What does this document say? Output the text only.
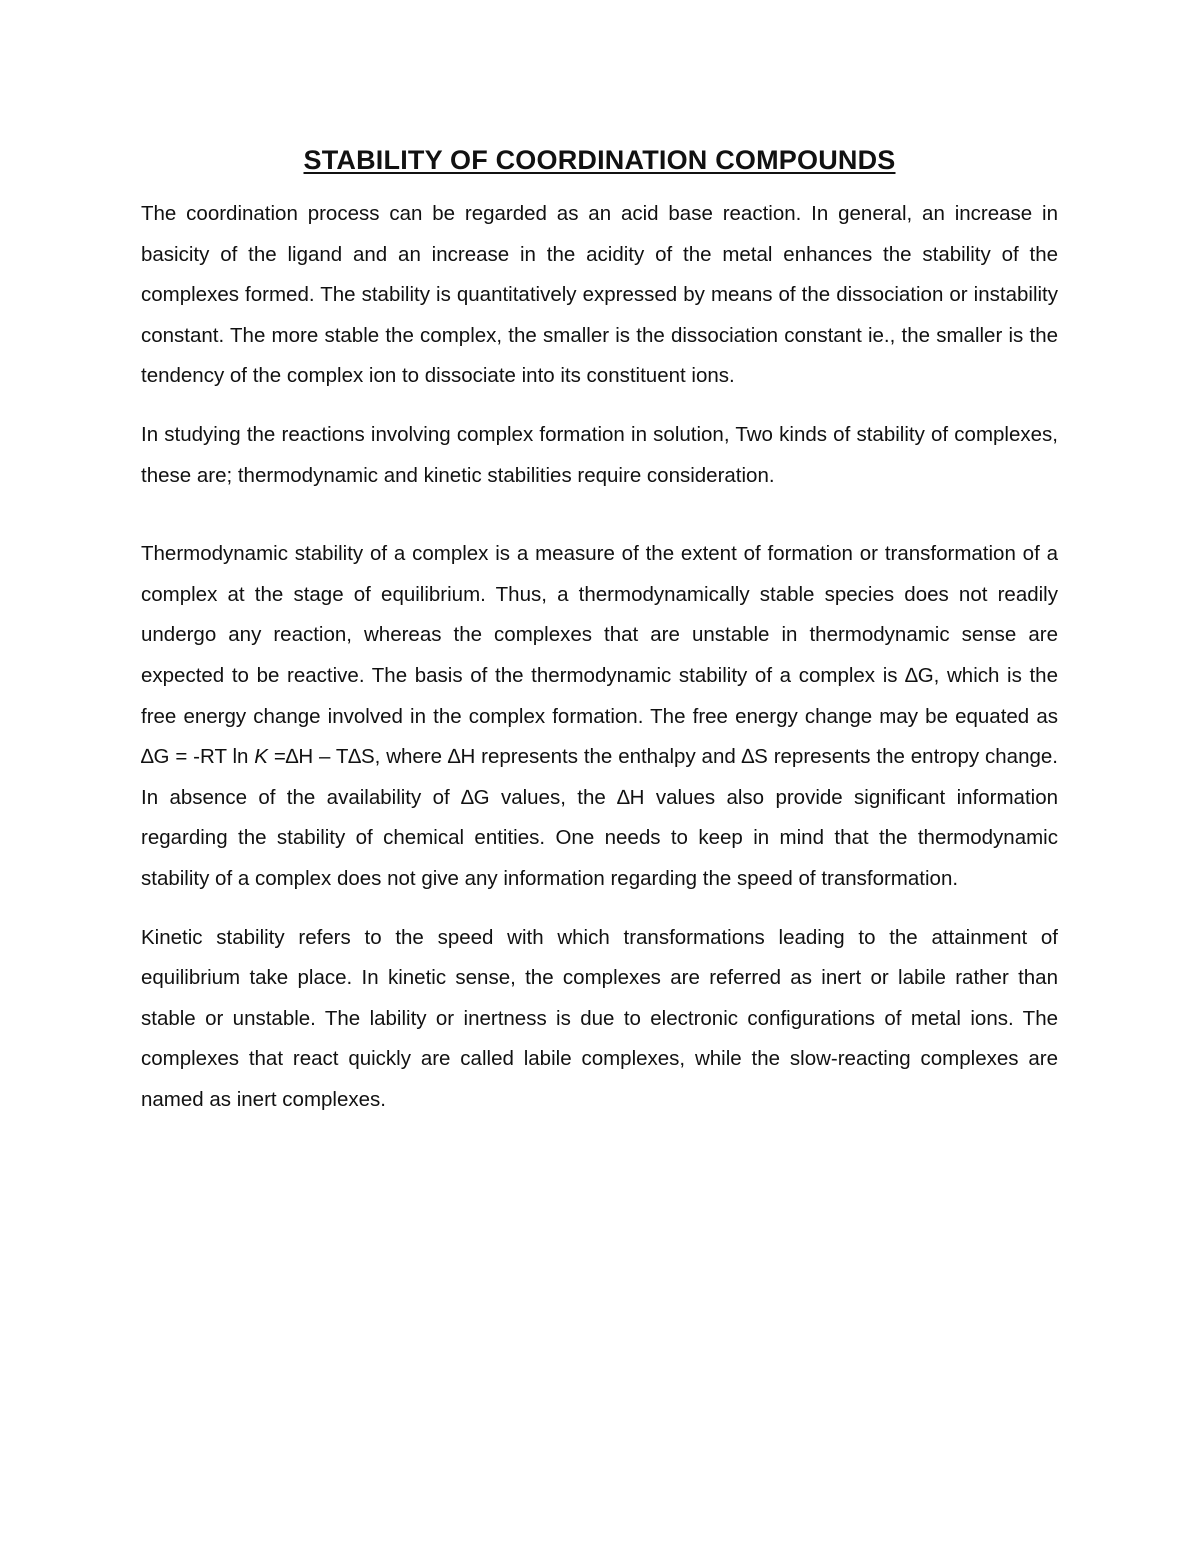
STABILITY OF COORDINATION COMPOUNDS

The coordination process can be regarded as an acid base reaction. In general, an increase in basicity of the ligand and an increase in the acidity of the metal enhances the stability of the complexes formed. The stability is quantitatively expressed by means of the dissociation or instability constant. The more stable the complex, the smaller is the dissociation constant ie., the smaller is the tendency of the complex ion to dissociate into its constituent ions.

In studying the reactions involving complex formation in solution, Two kinds of stability of complexes, these are; thermodynamic and kinetic stabilities require consideration.

Thermodynamic stability of a complex is a measure of the extent of formation or transformation of a complex at the stage of equilibrium. Thus, a thermodynamically stable species does not readily undergo any reaction, whereas the complexes that are unstable in thermodynamic sense are expected to be reactive. The basis of the thermodynamic stability of a complex is ∆G, which is the free energy change involved in the complex formation. The free energy change may be equated as ∆G = -RT ln K =∆H – T∆S, where ∆H represents the enthalpy and ∆S represents the entropy change. In absence of the availability of ∆G values, the ∆H values also provide significant information regarding the stability of chemical entities. One needs to keep in mind that the thermodynamic stability of a complex does not give any information regarding the speed of transformation.

Kinetic stability refers to the speed with which transformations leading to the attainment of equilibrium take place. In kinetic sense, the complexes are referred as inert or labile rather than stable or unstable. The lability or inertness is due to electronic configurations of metal ions. The complexes that react quickly are called labile complexes, while the slow-reacting complexes are named as inert complexes.
